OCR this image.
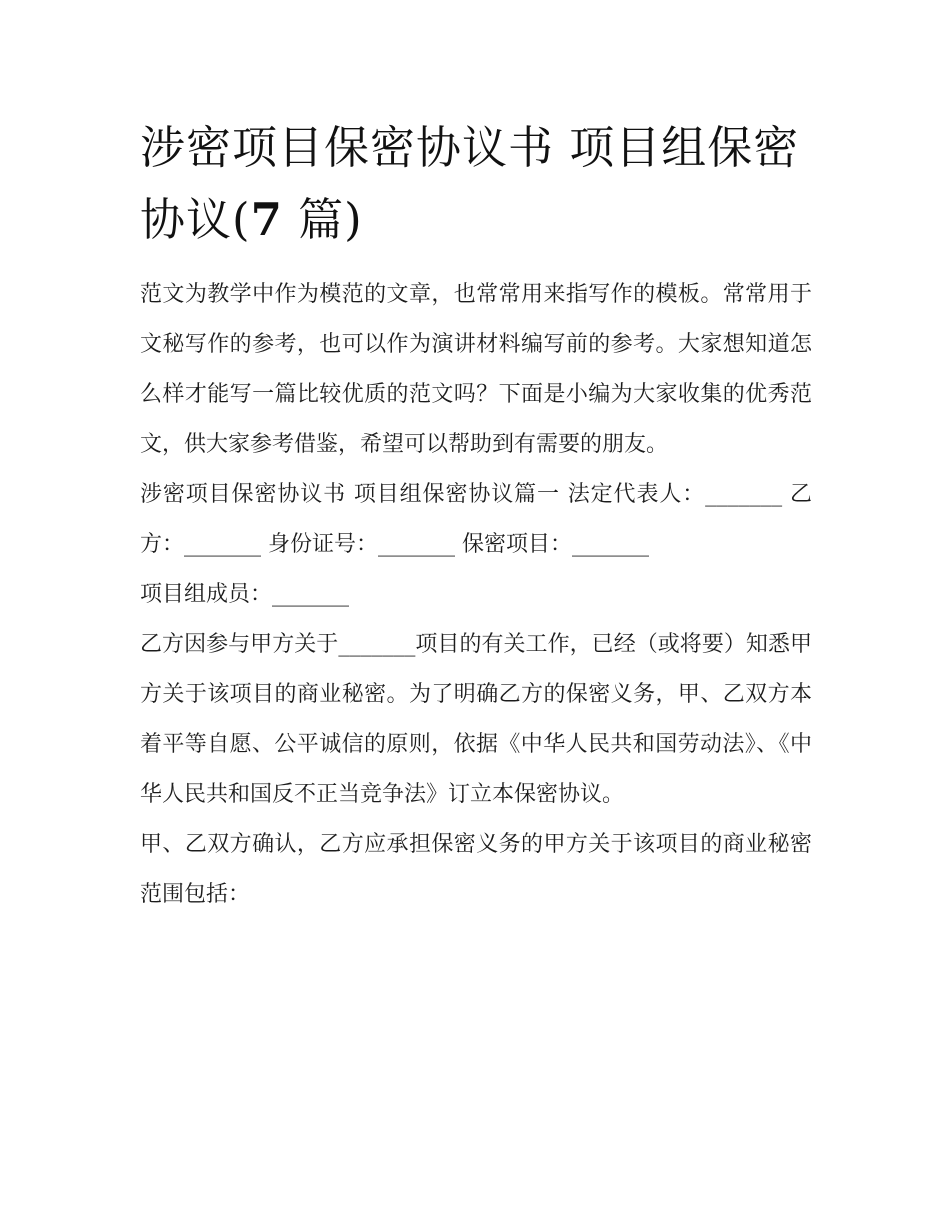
涉密项目保密协议书 项目组保密协议(7 篇)

范文为教学中作为模范的文章，也常常用来指写作的模板。常常用于文秘写作的参考，也可以作为演讲材料编写前的参考。大家想知道怎么样才能写一篇比较优质的范文吗？下面是小编为大家收集的优秀范文，供大家参考借鉴，希望可以帮助到有需要的朋友。

涉密项目保密协议书 项目组保密协议篇一 法定代表人：_______ 乙方：_______ 身份证号：_______ 保密项目：_______

项目组成员：_______

乙方因参与甲方关于_______项目的有关工作，已经（或将要）知悉甲方关于该项目的商业秘密。为了明确乙方的保密义务，甲、乙双方本着平等自愿、公平诚信的原则，依据《中华人民共和国劳动法》、《中华人民共和国反不正当竞争法》订立本保密协议。

甲、乙双方确认，乙方应承担保密义务的甲方关于该项目的商业秘密范围包括：
